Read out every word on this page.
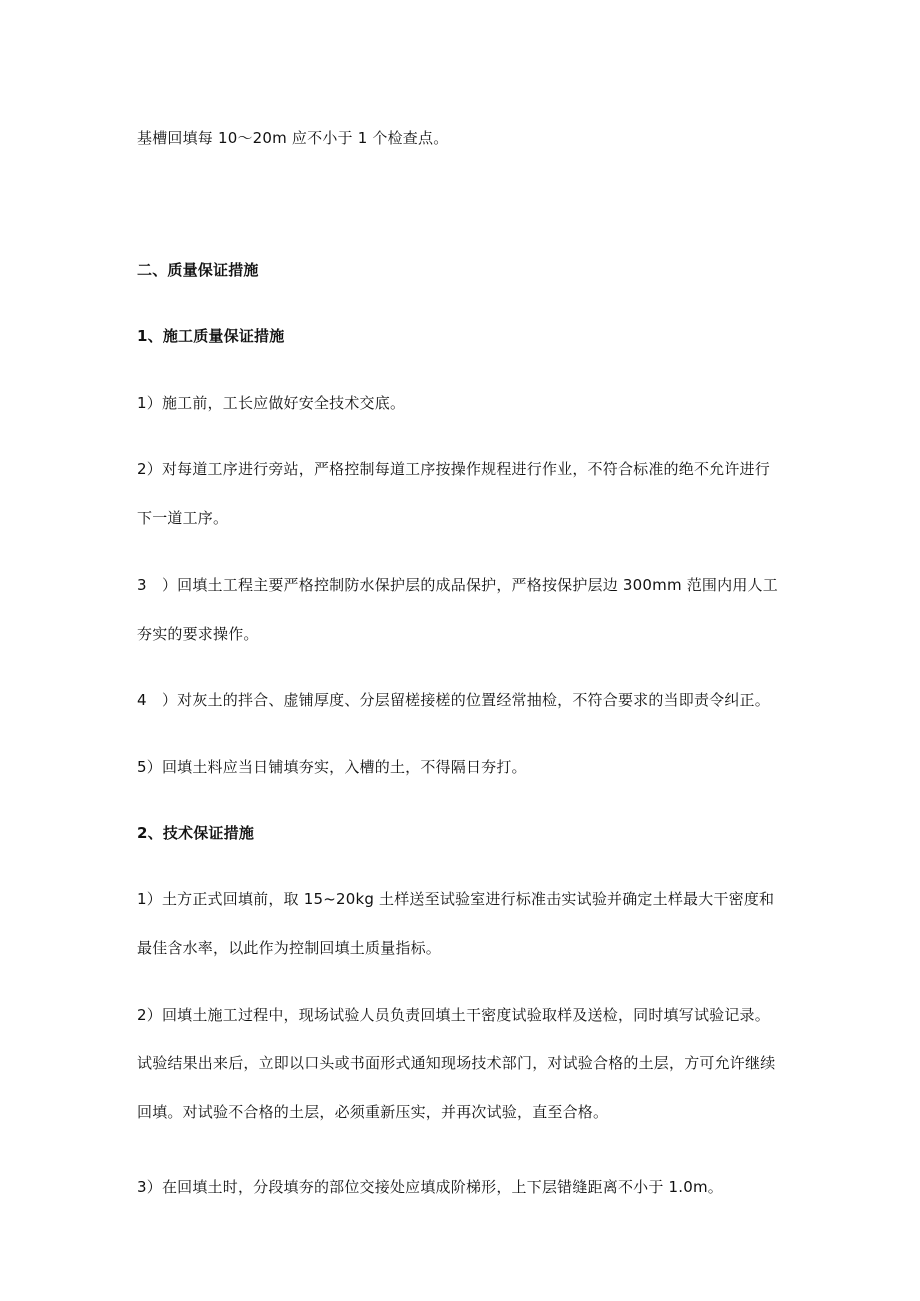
基槽回填每 10～20m 应不小于 1 个检查点。
二、质量保证措施
1、施工质量保证措施
1）施工前，工长应做好安全技术交底。
2）对每道工序进行旁站，严格控制每道工序按操作规程进行作业，不符合标准的绝不允许进行
下一道工序。
3　）回填土工程主要严格控制防水保护层的成品保护，严格按保护层边 300mm 范围内用人工
夯实的要求操作。
4　）对灰土的拌合、虚铺厚度、分层留槎接槎的位置经常抽检，不符合要求的当即责令纠正。
5）回填土料应当日铺填夯实，入槽的土，不得隔日夯打。
2、技术保证措施
1）土方正式回填前，取 15~20kg 土样送至试验室进行标准击实试验并确定土样最大干密度和
最佳含水率，以此作为控制回填土质量指标。
2）回填土施工过程中，现场试验人员负责回填土干密度试验取样及送检，同时填写试验记录。
试验结果出来后，立即以口头或书面形式通知现场技术部门，对试验合格的土层，方可允许继续
回填。对试验不合格的土层，必须重新压实，并再次试验，直至合格。
3）在回填土时，分段填夯的部位交接处应填成阶梯形，上下层错缝距离不小于 1.0m。
